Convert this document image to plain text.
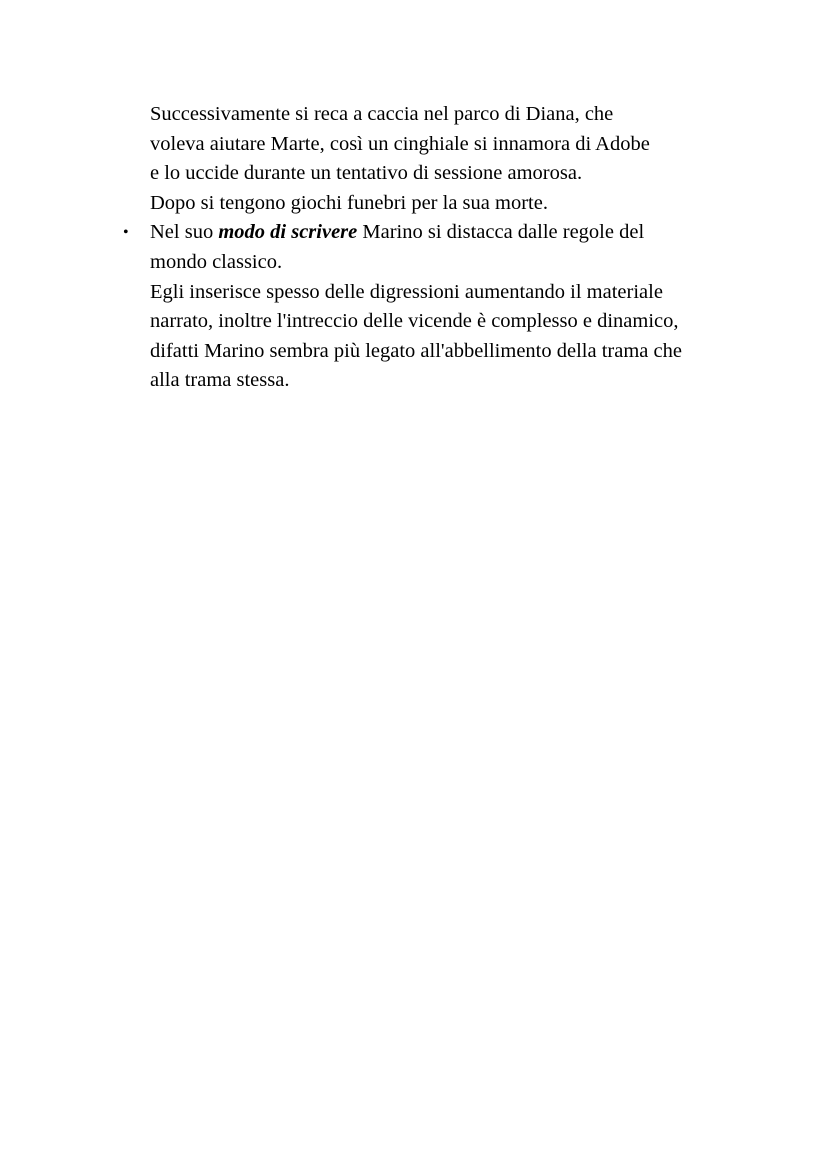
Successivamente si reca a caccia nel parco di Diana, che
voleva aiutare Marte, così un cinghiale si innamora di Adobe
e lo uccide durante un tentativo di sessione amorosa.
Dopo si tengono giochi funebri per la sua morte.
• Nel suo modo di scrivere Marino si distacca dalle regole del
mondo classico.
Egli inserisce spesso delle digressioni aumentando il materiale
narrato, inoltre l'intreccio delle vicende è complesso e dinamico,
difatti Marino sembra più legato all'abbellimento della trama che
alla trama stessa.
